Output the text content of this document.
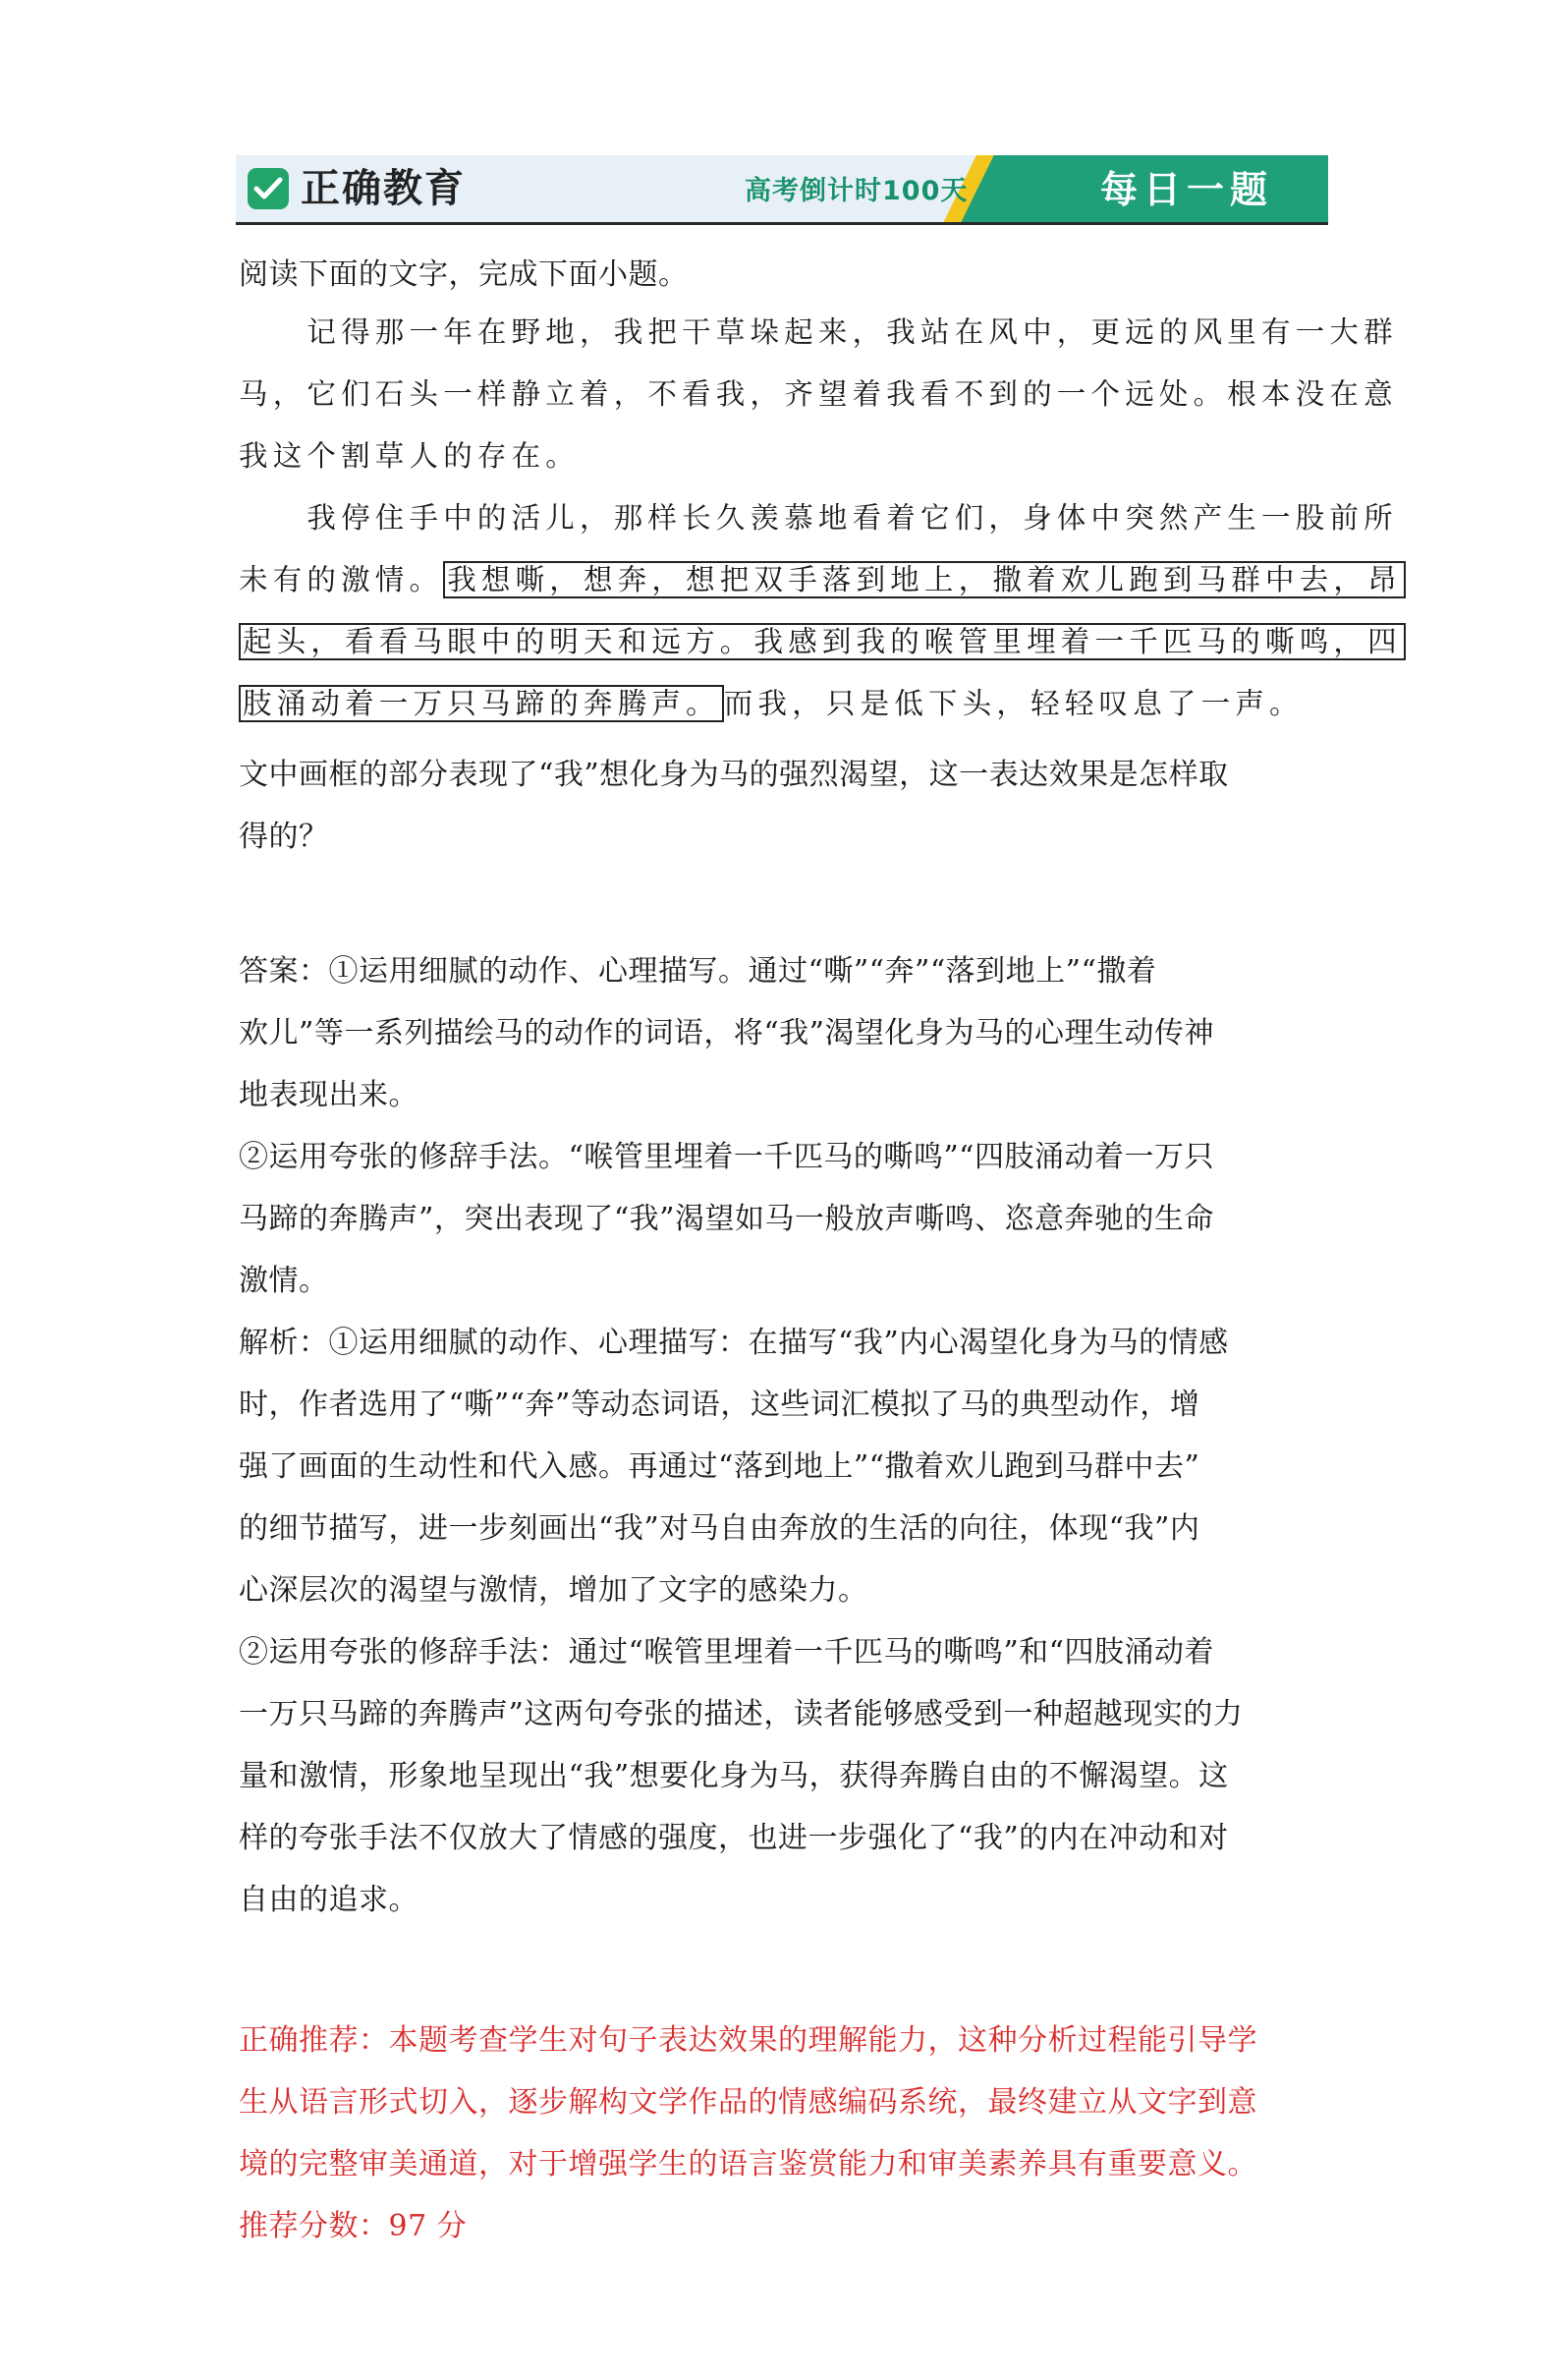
正确教育	高考倒计时100天	每日一题
阅读下面的文字，完成下面小题。
　　记得那一年在野地，我把干草垛起来，我站在风中，更远的风里有一大群
马，它们石头一样静立着，不看我，齐望着我看不到的一个远处。根本没在意
我这个割草人的存在。
　　我停住手中的活儿，那样长久羡慕地看着它们，身体中突然产生一股前所
未有的激情。 我想嘶，想奔，想把双手落到地上，撒着欢儿跑到马群中去，昂
起头，看看马眼中的明天和远方。我感到我的喉管里埋着一千匹马的嘶鸣，四
肢涌动着一万只马蹄的奔腾声。 而我，只是低下头，轻轻叹息了一声。
文中画框的部分表现了“我”想化身为马的强烈渴望，这一表达效果是怎样取
得的？
答案：①运用细腻的动作、心理描写。通过“嘶”“奔”“落到地上”“撒着
欢儿”等一系列描绘马的动作的词语，将“我”渴望化身为马的心理生动传神
地表现出来。
②运用夸张的修辞手法。“喉管里埋着一千匹马的嘶鸣”“四肢涌动着一万只
马蹄的奔腾声”，突出表现了“我”渴望如马一般放声嘶鸣、恣意奔驰的生命
激情。
解析：①运用细腻的动作、心理描写：在描写“我”内心渴望化身为马的情感
时，作者选用了“嘶”“奔”等动态词语，这些词汇模拟了马的典型动作，增
强了画面的生动性和代入感。再通过“落到地上”“撒着欢儿跑到马群中去”
的细节描写，进一步刻画出“我”对马自由奔放的生活的向往，体现“我”内
心深层次的渴望与激情，增加了文字的感染力。
②运用夸张的修辞手法：通过“喉管里埋着一千匹马的嘶鸣”和“四肢涌动着
一万只马蹄的奔腾声”这两句夸张的描述，读者能够感受到一种超越现实的力
量和激情，形象地呈现出“我”想要化身为马，获得奔腾自由的不懈渴望。这
样的夸张手法不仅放大了情感的强度，也进一步强化了“我”的内在冲动和对
自由的追求。
正确推荐：本题考查学生对句子表达效果的理解能力，这种分析过程能引导学
生从语言形式切入，逐步解构文学作品的情感编码系统，最终建立从文字到意
境的完整审美通道，对于增强学生的语言鉴赏能力和审美素养具有重要意义。
推荐分数：97 分
